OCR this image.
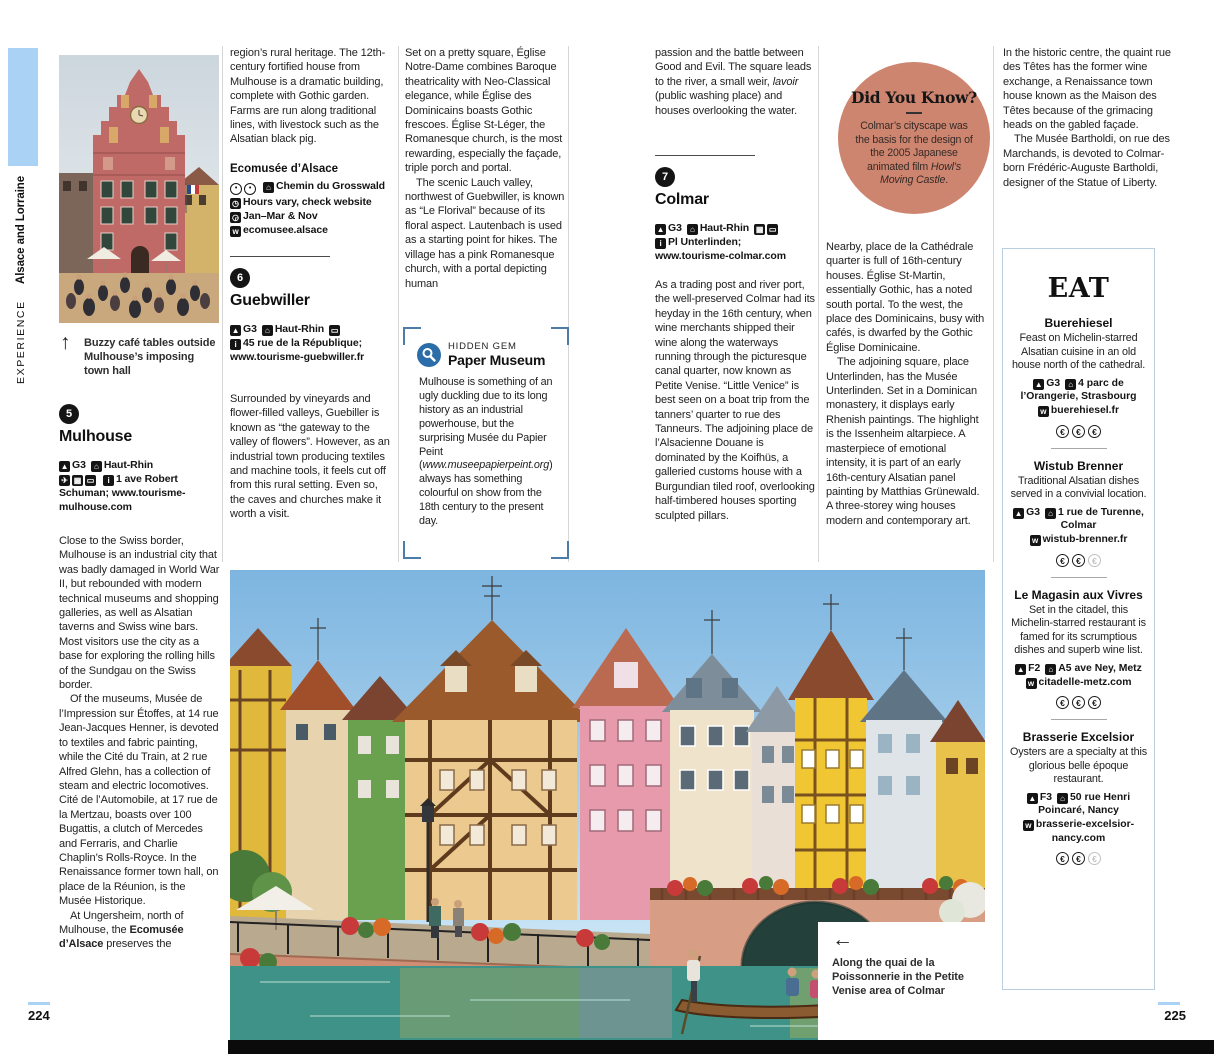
EXPERIENCEAlsace and Lorraine
↑ Buzzy café tables outside Mulhouse’s imposing town hall
5
Mulhouse
▲ G3 ⌂ Haut-Rhin
✈ ▦ ▭ i 1 ave Robert Schuman; www.tourisme-mulhouse.com

Close to the Swiss border, Mulhouse is an industrial city that was badly damaged in World War II, but rebounded with modern technical museums and shopping galleries, as well as Alsatian taverns and Swiss wine bars. Most visitors use the city as a base for exploring the rolling hills of the Sundgau on the Swiss border.

Of the museums, Musée de l’Impression sur Étoffes, at 14 rue Jean-Jacques Henner, is devoted to textiles and fabric painting, while the Cité du Train, at 2 rue Alfred Glehn, has a collection of steam and electric locomotives. Cité de l’Automobile, at 17 rue de la Mertzau, boasts over 100 Bugattis, a clutch of Mercedes and Ferraris, and Charlie Chaplin’s Rolls-Royce. In the Renaissance former town hall, on place de la Réunion, is the Musée Historique.

At Ungersheim, north of Mulhouse, the Ecomusée d’Alsace preserves the

region’s rural heritage. The 12th-century fortified house from Mulhouse is a dramatic building, complete with Gothic garden. Farms are run along traditional lines, with livestock such as the Alsatian black pig.

Ecomusée d’Alsace
• • ⌂ Chemin du Grosswald
◷ Hours vary, check website
◶ Jan–Mar & Nov
w ecomusee.alsace
6
Guebwiller
▲ G3 ⌂ Haut-Rhin ▭
i 45 rue de la République; www.tourisme-guebwiller.fr

Surrounded by vineyards and flower-filled valleys, Guebiller is known as “the gateway to the valley of flowers”. However, as an industrial town producing textiles and machine tools, it feels cut off from this rural setting. Even so, the caves and churches make it worth a visit.

Set on a pretty square, Église Notre-Dame combines Baroque theatricality with Neo-Classical elegance, while Église des Dominicains boasts Gothic frescoes. Église St-Léger, the Romanesque church, is the most rewarding, especially the façade, triple porch and portal.

The scenic Lauch valley, northwest of Guebwiller, is known as “Le Florival” because of its floral aspect. Lautenbach is used as a starting point for hikes. The village has a pink Romanesque church, with a portal depicting human

HIDDEN GEM
Paper Museum
Mulhouse is something of an ugly duckling due to its long history as an industrial powerhouse, but the surprising Musée du Papier Peint (www.museepapierpeint.org) always has something colourful on show from the 18th century to the present day.

passion and the battle between Good and Evil. The square leads to the river, a small weir, lavoir (public washing place) and houses overlooking the water.

7
Colmar
▲ G3 ⌂ Haut-Rhin ▦ ▭
i Pl Unterlinden; www.tourisme-colmar.com

As a trading post and river port, the well-preserved Colmar had its heyday in the 16th century, when wine merchants shipped their wine along the waterways running through the picturesque canal quarter, now known as Petite Venise. “Little Venice” is best seen on a boat trip from the tanners’ quarter to rue des Tanneurs. The adjoining place de l’Alsacienne Douane is dominated by the Koifhüs, a galleried customs house with a Burgundian tiled roof, overlooking half-timbered houses sporting sculpted pillars.

Did You Know?
Colmar’s cityscape was the basis for the design of the 2005 Japanese animated film Howl’s Moving Castle.

Nearby, place de la Cathédrale quarter is full of 16th-century houses. Église St-Martin, essentially Gothic, has a noted south portal. To the west, the place des Dominicains, busy with cafés, is dwarfed by the Gothic Église Dominicaine.

The adjoining square, place Unterlinden, has the Musée Unterlinden. Set in a Dominican monastery, it displays early Rhenish paintings. The highlight is the Issenheim altarpiece. A masterpiece of emotional intensity, it is part of an early 16th-century Alsatian panel painting by Matthias Grünewald. A three-storey wing houses modern and contemporary art.

In the historic centre, the quaint rue des Têtes has the former wine exchange, a Renaissance town house known as the Maison des Têtes because of the grimacing heads on the gabled façade.

The Musée Bartholdi, on rue des Marchands, is devoted to Colmar-born Frédéric-Auguste Bartholdi, designer of the Statue of Liberty.

EAT
Buerehiesel
Feast on Michelin-starred Alsatian cuisine in an old house north of the cathedral.
▲ G3 ⌂ 4 parc de l’Orangerie, Strasbourg
w buerehiesel.fr
€	€	€
Wistub Brenner
Traditional Alsatian dishes served in a convivial location.
▲ G3 ⌂ 1 rue de Turenne, Colmar
w wistub-brenner.fr
€	€	€
Le Magasin aux Vivres
Set in the citadel, this Michelin-starred restaurant is famed for its scrumptious dishes and superb wine list.
▲ F2 ⌂ A5 ave Ney, Metz
w citadelle-metz.com
€	€	€
Brasserie Excelsior
Oysters are a specialty at this glorious belle époque restaurant.
▲ F3 ⌂ 50 rue Henri Poincaré, Nancy
w brasserie-excelsior-nancy.com
€	€	€
←
Along the quai de la Poissonnerie in the Petite Venise area of Colmar
224	225
